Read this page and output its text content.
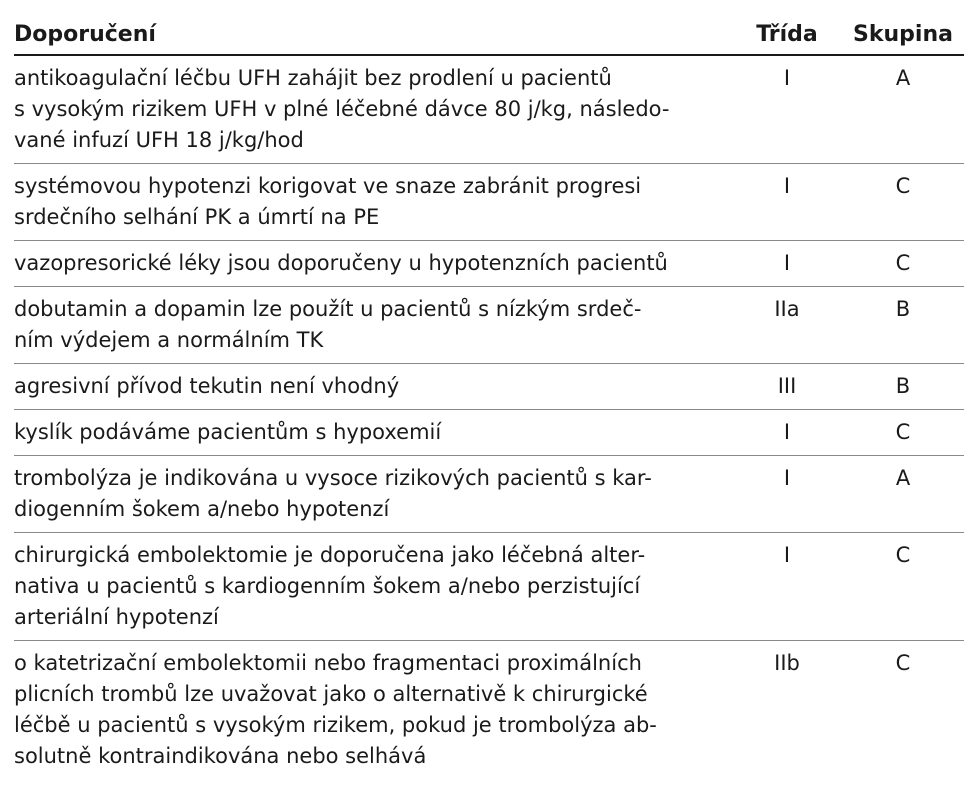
Doporučení	Třída	Skupina
antikoagulační léčbu UFH zahájit bez prodlení u pacientů
s vysokým rizikem UFH v plné léčebné dávce 80 j/kg, následo-
vané infuzí UFH 18 j/kg/hod
I	A
systémovou hypotenzi korigovat ve snaze zabránit progresi
srdečního selhání PK a úmrtí na PE
I	C
vazopresorické léky jsou doporučeny u hypotenzních pacientů	I	C
dobutamin a dopamin lze použít u pacientů s nízkým srdeč-
ním výdejem a normálním TK
IIa	B
agresivní přívod tekutin není vhodný	III	B
kyslík podáváme pacientům s hypoxemií	I	C
trombolýza je indikována u vysoce rizikových pacientů s kar-
diogenním šokem a/nebo hypotenzí
I	A
chirurgická embolektomie je doporučena jako léčebná alter-
nativa u pacientů s kardiogenním šokem a/nebo perzistující
arteriální hypotenzí
I	C
o katetrizační embolektomii nebo fragmentaci proximálních
plicních trombů lze uvažovat jako o alternativě k chirurgické
léčbě u pacientů s vysokým rizikem, pokud je trombolýza ab-
solutně kontraindikována nebo selhává
IIb	C
